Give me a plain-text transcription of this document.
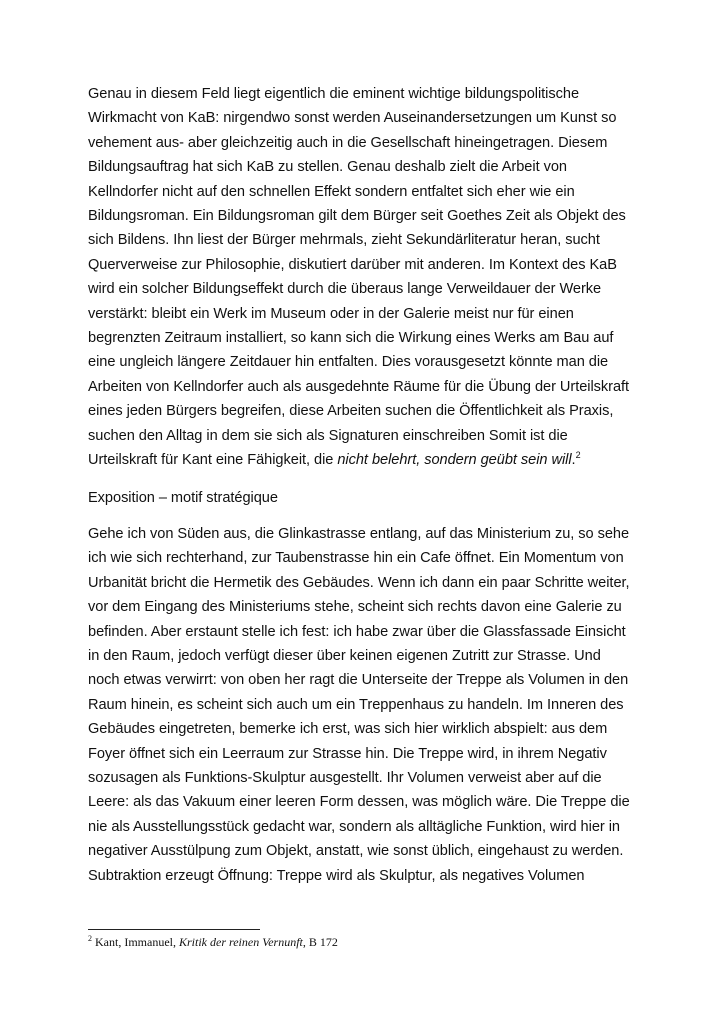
Genau in diesem Feld liegt eigentlich die eminent wichtige bildungspolitische Wirkmacht von KaB: nirgendwo sonst werden Auseinandersetzungen um Kunst so vehement aus- aber gleichzeitig auch in die Gesellschaft hineingetragen. Diesem Bildungsauftrag hat sich KaB zu stellen. Genau deshalb zielt die Arbeit von Kellndorfer nicht auf den schnellen Effekt sondern entfaltet sich eher wie ein Bildungsroman. Ein Bildungsroman gilt dem Bürger seit Goethes Zeit als Objekt des sich Bildens. Ihn liest der Bürger mehrmals, zieht Sekundärliteratur heran, sucht Querverweise zur Philosophie, diskutiert darüber mit anderen. Im Kontext des KaB wird ein solcher Bildungseffekt durch die überaus lange Verweildauer der Werke verstärkt: bleibt ein Werk im Museum oder in der Galerie meist nur für einen begrenzten Zeitraum installiert, so kann sich die Wirkung eines Werks am Bau auf eine ungleich längere Zeitdauer hin entfalten. Dies vorausgesetzt könnte man die Arbeiten von Kellndorfer auch als ausgedehnte Räume für die Übung der Urteilskraft eines jeden Bürgers begreifen, diese Arbeiten suchen die Öffentlichkeit als Praxis, suchen den Alltag in dem sie sich als Signaturen einschreiben Somit ist die Urteilskraft für Kant eine Fähigkeit, die nicht belehrt, sondern geübt sein will.$^2$

Exposition – motif stratégique

Gehe ich von Süden aus, die Glinkastrasse entlang, auf das Ministerium zu, so sehe ich wie sich rechterhand, zur Taubenstrasse hin ein Cafe öffnet. Ein Momentum von Urbanität bricht die Hermetik des Gebäudes. Wenn ich dann ein paar Schritte weiter, vor dem Eingang des Ministeriums stehe, scheint sich rechts davon eine Galerie zu befinden. Aber erstaunt stelle ich fest: ich habe zwar über die Glassfassade Einsicht in den Raum, jedoch verfügt dieser über keinen eigenen Zutritt zur Strasse. Und noch etwas verwirrt: von oben her ragt die Unterseite der Treppe als Volumen in den Raum hinein, es scheint sich auch um ein Treppenhaus zu handeln. Im Inneren des Gebäudes eingetreten, bemerke ich erst, was sich hier wirklich abspielt: aus dem Foyer öffnet sich ein Leerraum zur Strasse hin. Die Treppe wird, in ihrem Negativ sozusagen als Funktions-Skulptur ausgestellt. Ihr Volumen verweist aber auf die Leere: als das Vakuum einer leeren Form dessen, was möglich wäre. Die Treppe die nie als Ausstellungsstück gedacht war, sondern als alltägliche Funktion, wird hier in negativer Ausstülpung zum Objekt, anstatt, wie sonst üblich, eingehaust zu werden. Subtraktion erzeugt Öffnung: Treppe wird als Skulptur, als negatives Volumen

$^2$ Kant, Immanuel, Kritik der reinen Vernunft, B 172
